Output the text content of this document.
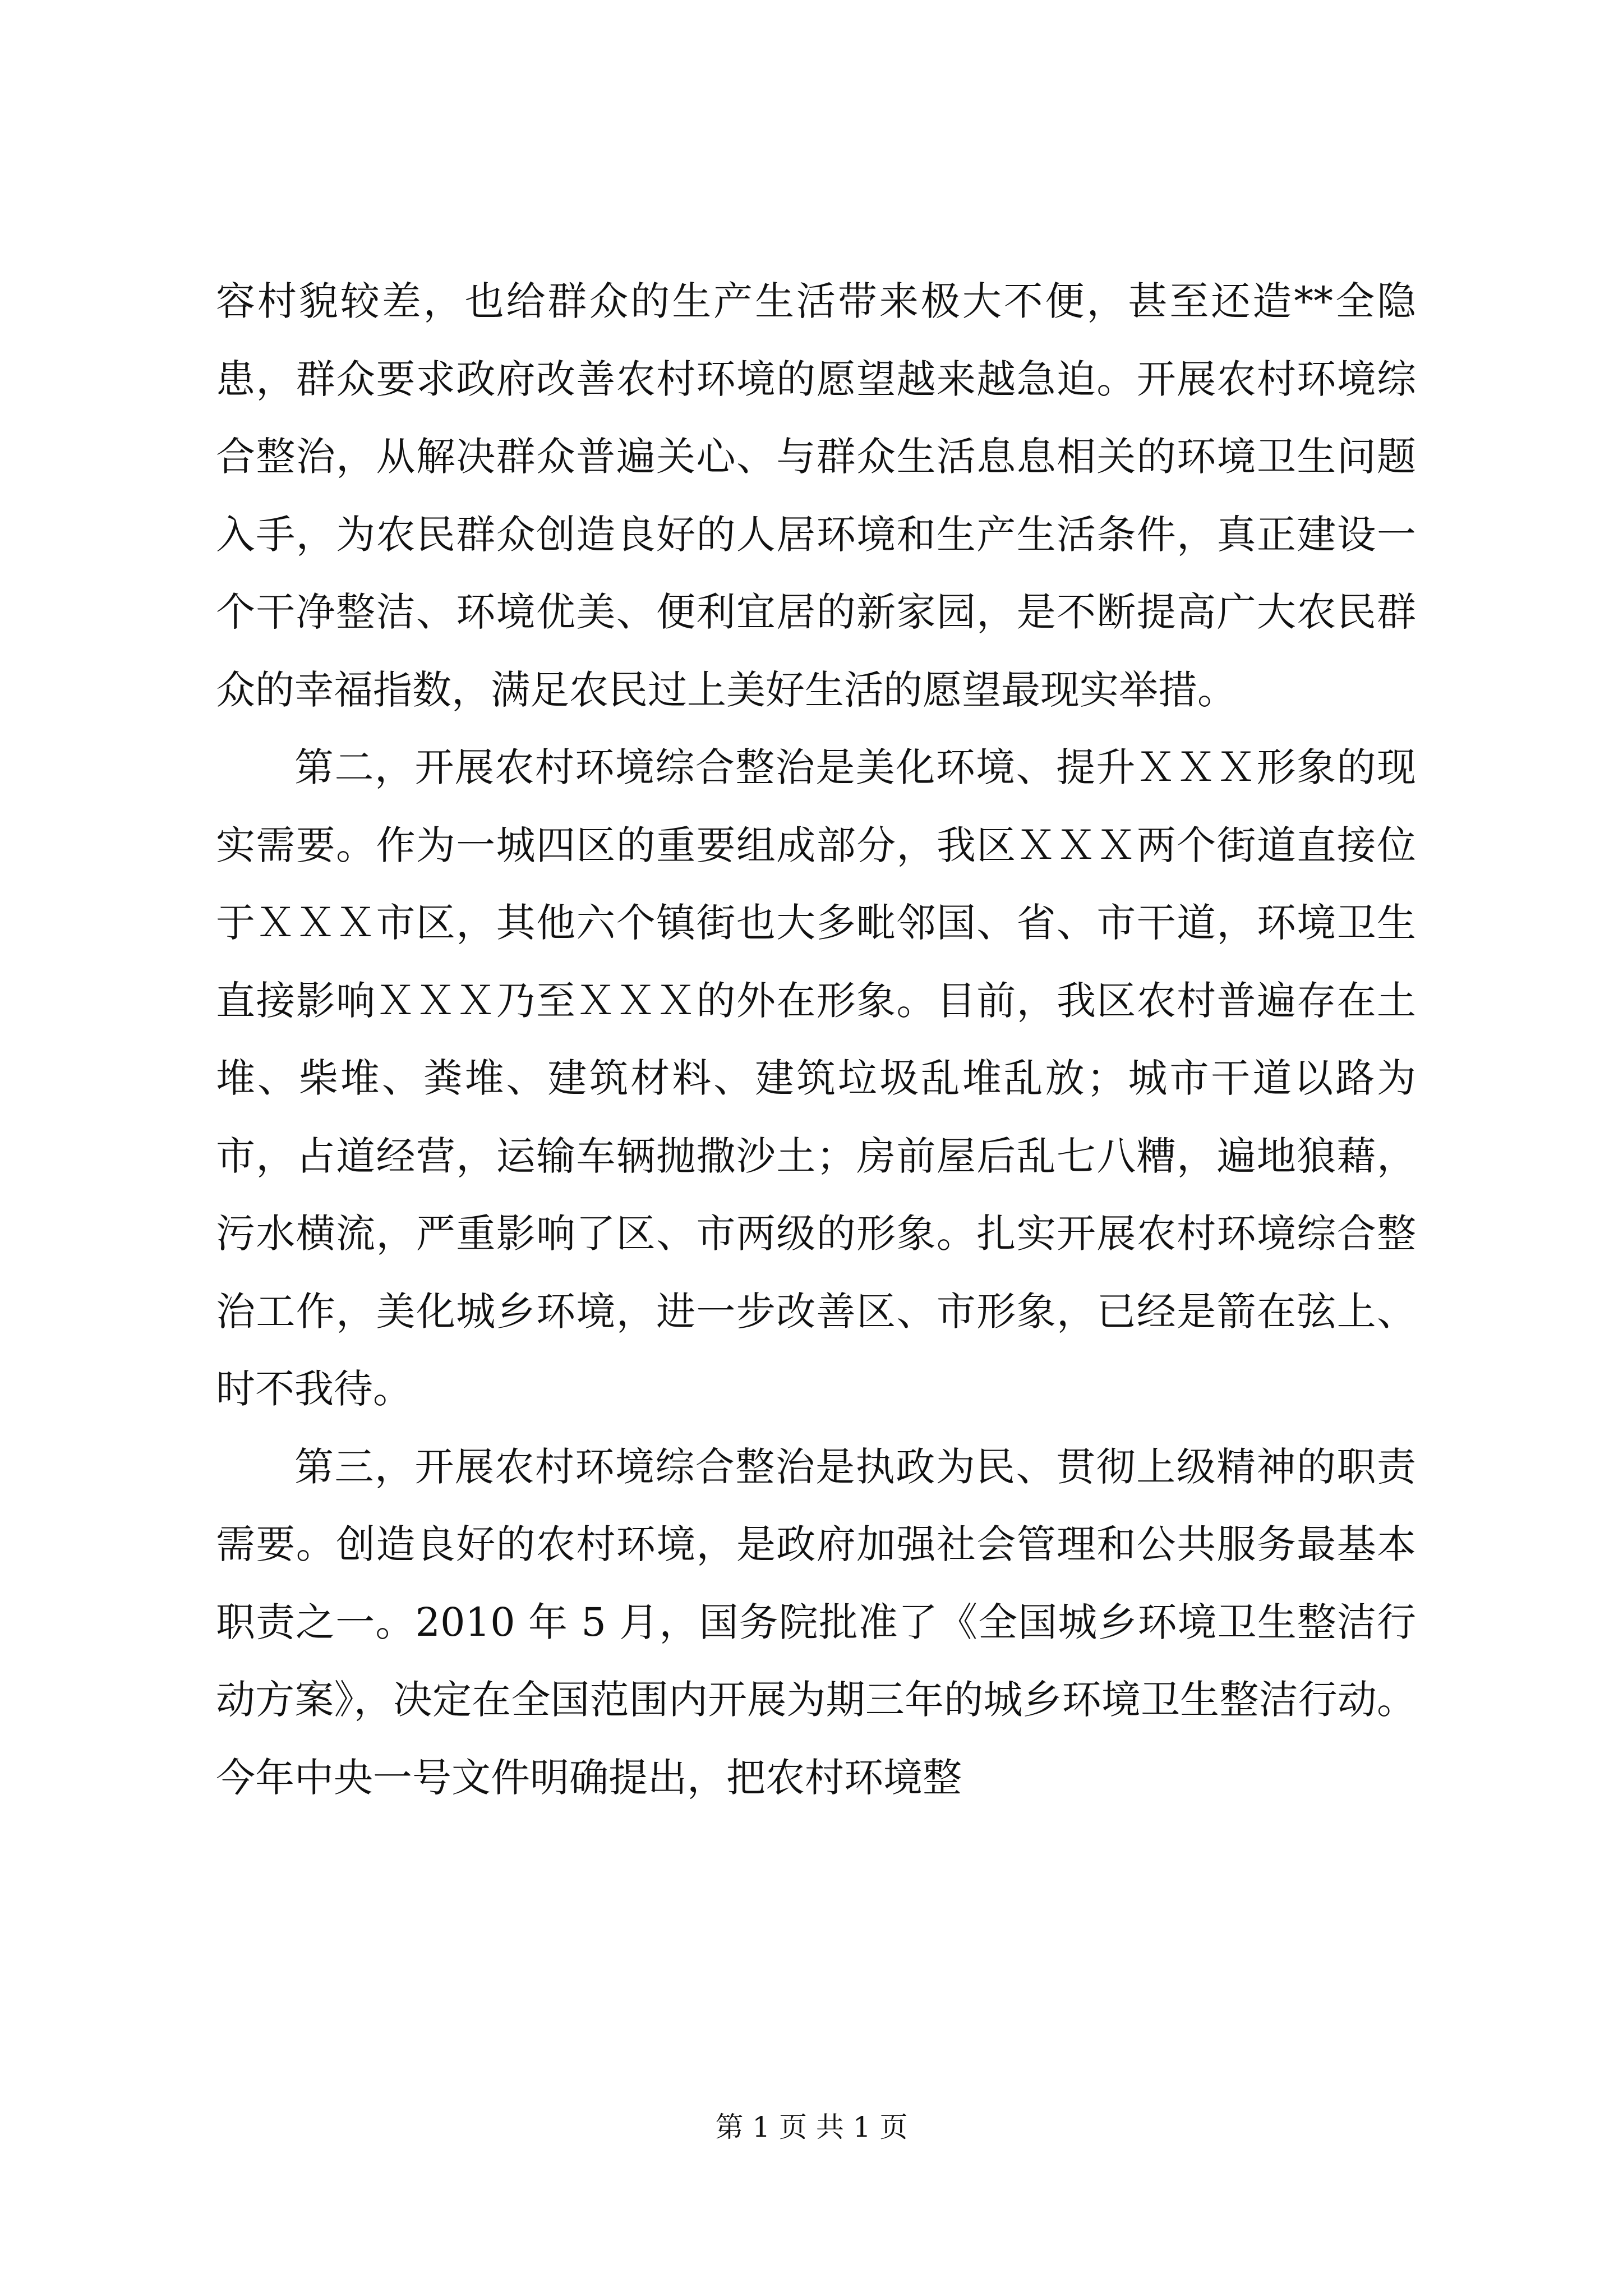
容村貌较差，也给群众的生产生活带来极大不便，甚至还造**全隐患，群众要求政府改善农村环境的愿望越来越急迫。开展农村环境综合整治，从解决群众普遍关心、与群众生活息息相关的环境卫生问题入手，为农民群众创造良好的人居环境和生产生活条件，真正建设一个干净整洁、环境优美、便利宜居的新家园，是不断提高广大农民群众的幸福指数，满足农民过上美好生活的愿望最现实举措。

第二，开展农村环境综合整治是美化环境、提升ＸＸＸ形象的现实需要。作为一城四区的重要组成部分，我区ＸＸＸ两个街道直接位于ＸＸＸ市区，其他六个镇街也大多毗邻国、省、市干道，环境卫生直接影响ＸＸＸ乃至ＸＸＸ的外在形象。目前，我区农村普遍存在土堆、柴堆、粪堆、建筑材料、建筑垃圾乱堆乱放；城市干道以路为市，占道经营，运输车辆抛撒沙土；房前屋后乱七八糟，遍地狼藉，污水横流，严重影响了区、市两级的形象。扎实开展农村环境综合整治工作，美化城乡环境，进一步改善区、市形象，已经是箭在弦上、时不我待。

第三，开展农村环境综合整治是执政为民、贯彻上级精神的职责需要。创造良好的农村环境，是政府加强社会管理和公共服务最基本职责之一。2010 年 5 月，国务院批准了《全国城乡环境卫生整洁行动方案》，决定在全国范围内开展为期三年的城乡环境卫生整洁行动。今年中央一号文件明确提出，把农村环境整

第 1 页 共 1 页
